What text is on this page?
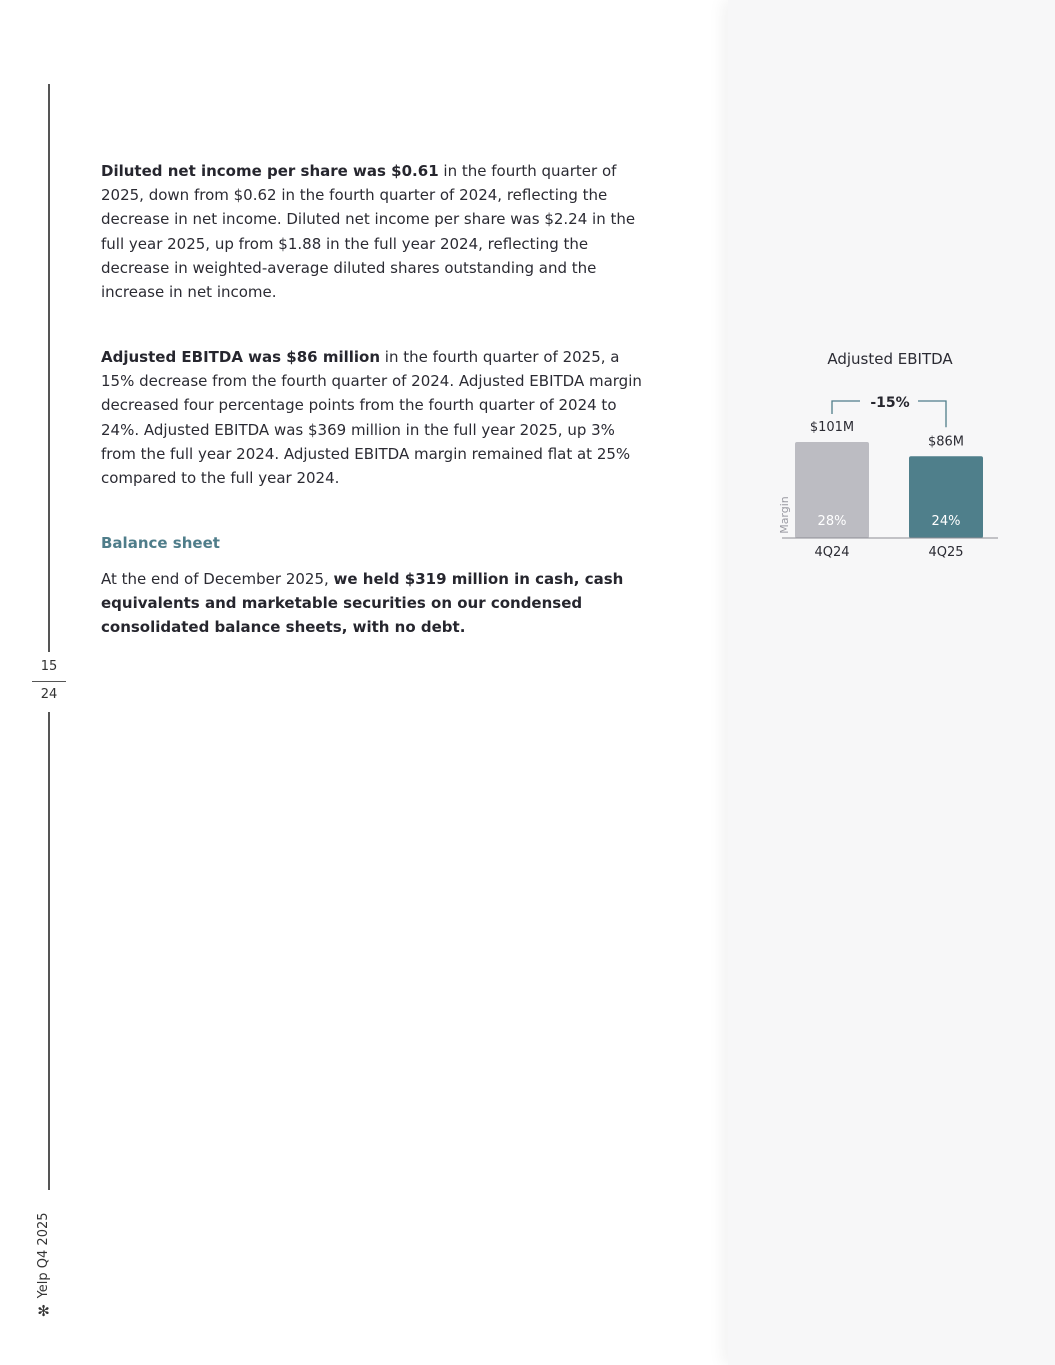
15
24
✻
Yelp Q4 2025

Diluted net income per share was $0.61 in the fourth quarter of 2025, down from $0.62 in the fourth quarter of 2024, reflecting the decrease in net income. Diluted net income per share was $2.24 in the full year 2025, up from $1.88 in the full year 2024, reflecting the decrease in weighted-average diluted shares outstanding and the increase in net income.

Adjusted EBITDA was $86 million in the fourth quarter of 2025, a 15% decrease from the fourth quarter of 2024. Adjusted EBITDA margin decreased four percentage points from the fourth quarter of 2024 to 24%. Adjusted EBITDA was $369 million in the full year 2025, up 3% from the full year 2024. Adjusted EBITDA margin remained flat at 25% compared to the full year 2024.

Balance sheet

At the end of December 2025, we held $319 million in cash, cash equivalents and marketable securities on our condensed consolidated balance sheets, with no debt.

Adjusted EBITDA
-15%
$101M
28%
4Q24
$86M
24%
4Q25
Margin
